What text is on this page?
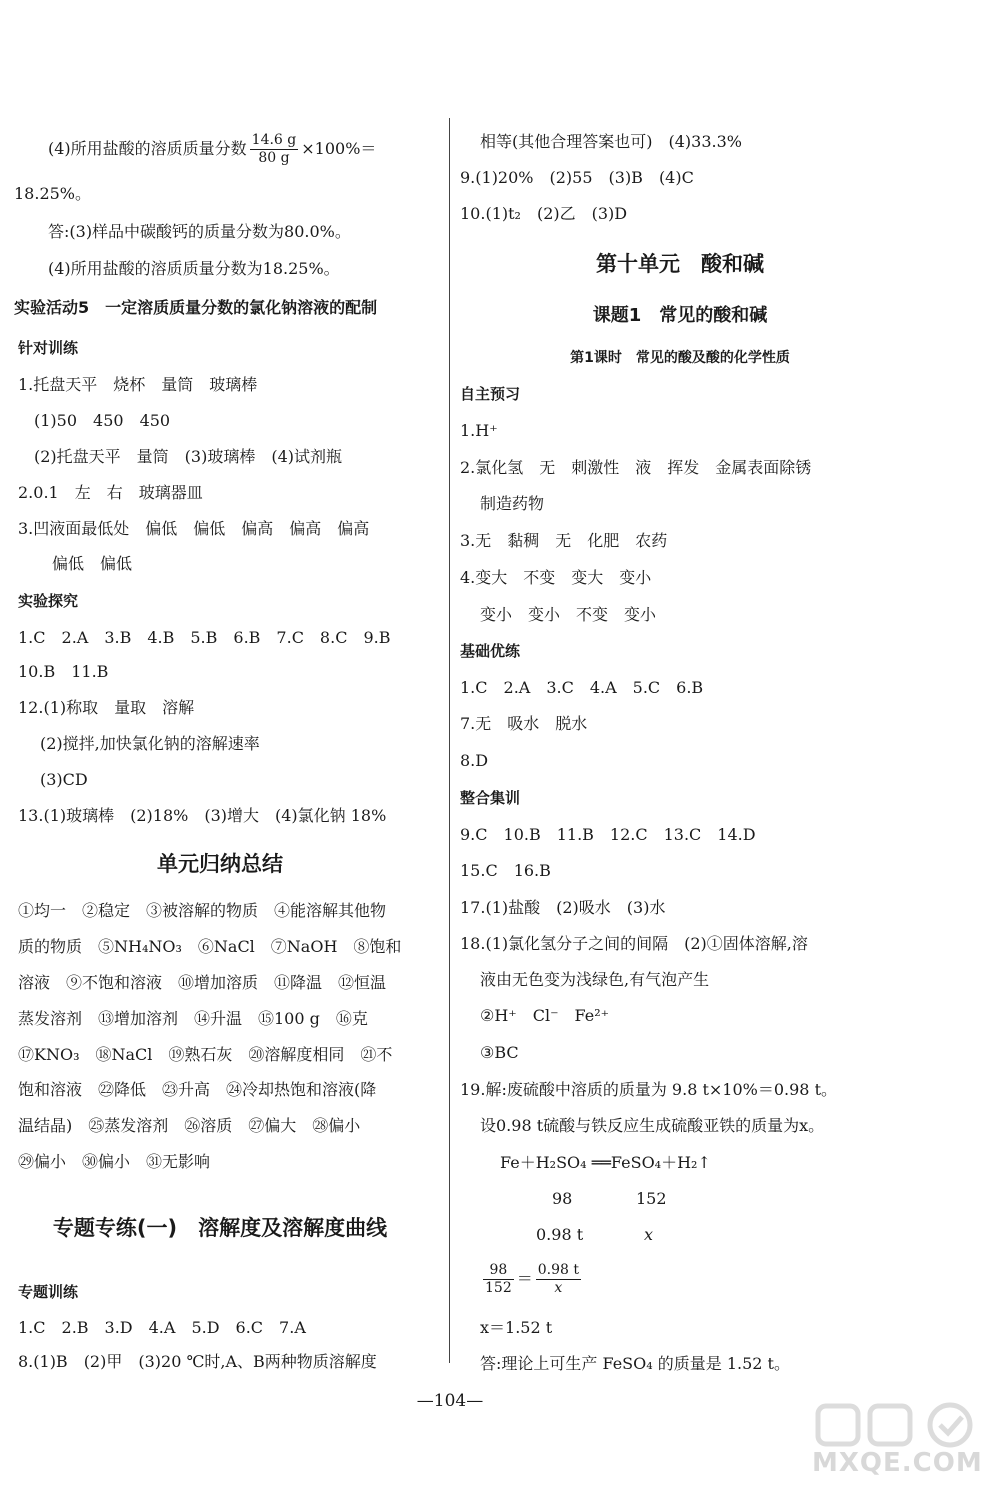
(4)所用盐酸的溶质质量分数 $\frac{14.6 g}{80 g} \times 100\%=$
18.25%。
答:(3)样品中碳酸钙的质量分数为80.0%。
(4)所用盐酸的溶质质量分数为18.25%。
实验活动5　一定溶质质量分数的氯化钠溶液的配制
针对训练
1.托盘天平　烧杯　量筒　玻璃棒
(1)50　450　450
(2)托盘天平　量筒　(3)玻璃棒　(4)试剂瓶
2.0.1　左　右　玻璃器皿
3.凹液面最低处　偏低　偏低　偏高　偏高　偏高
偏低　偏低
实验探究
1.C　2.A　3.B　4.B　5.B　6.B　7.C　8.C　9.B
10.B　11.B
12.(1)称取　量取　溶解
(2)搅拌,加快氯化钠的溶解速率
(3)CD
13.(1)玻璃棒　(2)18%　(3)增大　(4)氯化钠 18%
单元归纳总结
①均一　②稳定　③被溶解的物质　④能溶解其他物
质的物质　⑤NH₄NO₃　⑥NaCl　⑦NaOH　⑧饱和
溶液　⑨不饱和溶液　⑩增加溶质　⑪降温　⑫恒温
蒸发溶剂　⑬增加溶剂　⑭升温　⑮100 g　⑯克
⑰KNO₃　⑱NaCl　⑲熟石灰　⑳溶解度相同　㉑不
饱和溶液　㉒降低　㉓升高　㉔冷却热饱和溶液(降
温结晶)　㉕蒸发溶剂　㉖溶质　㉗偏大　㉘偏小
㉙偏小　㉚偏小　㉛无影响
专题专练(一)　溶解度及溶解度曲线
专题训练
1.C　2.B　3.D　4.A　5.D　6.C　7.A
8.(1)B　(2)甲　(3)20 ℃时,A、B两种物质溶解度
相等(其他合理答案也可)　(4)33.3%
9.(1)20%　(2)55　(3)B　(4)C
10.(1)t₂　(2)乙　(3)D
第十单元　酸和碱
课题1　常见的酸和碱
第1课时　常见的酸及酸的化学性质
自主预习
1.H⁺
2.氯化氢　无　刺激性　液　挥发　金属表面除锈
制造药物
3.无　黏稠　无　化肥　农药
4.变大　不变　变大　变小
变小　变小　不变　变小
基础优练
1.C　2.A　3.C　4.A　5.C　6.B
7.无　吸水　脱水
8.D
整合集训
9.C　10.B　11.B　12.C　13.C　14.D
15.C　16.B
17.(1)盐酸　(2)吸水　(3)水
18.(1)氯化氢分子之间的间隔　(2)①固体溶解,溶
液由无色变为浅绿色,有气泡产生
②H⁺　Cl⁻　Fe²⁺
③BC
19.解:废硫酸中溶质的质量为 9.8 t×10%＝0.98 t。
设0.98 t硫酸与铁反应生成硫酸亚铁的质量为x。
Fe＋H₂SO₄ ══FeSO₄＋H₂↑
98	152
0.98 t	x
$\frac{98}{152} = \frac{0.98 t}{x}$
x＝1.52 t
答:理论上可生产 FeSO₄ 的质量是 1.52 t。
—104—
MXQE.COM
